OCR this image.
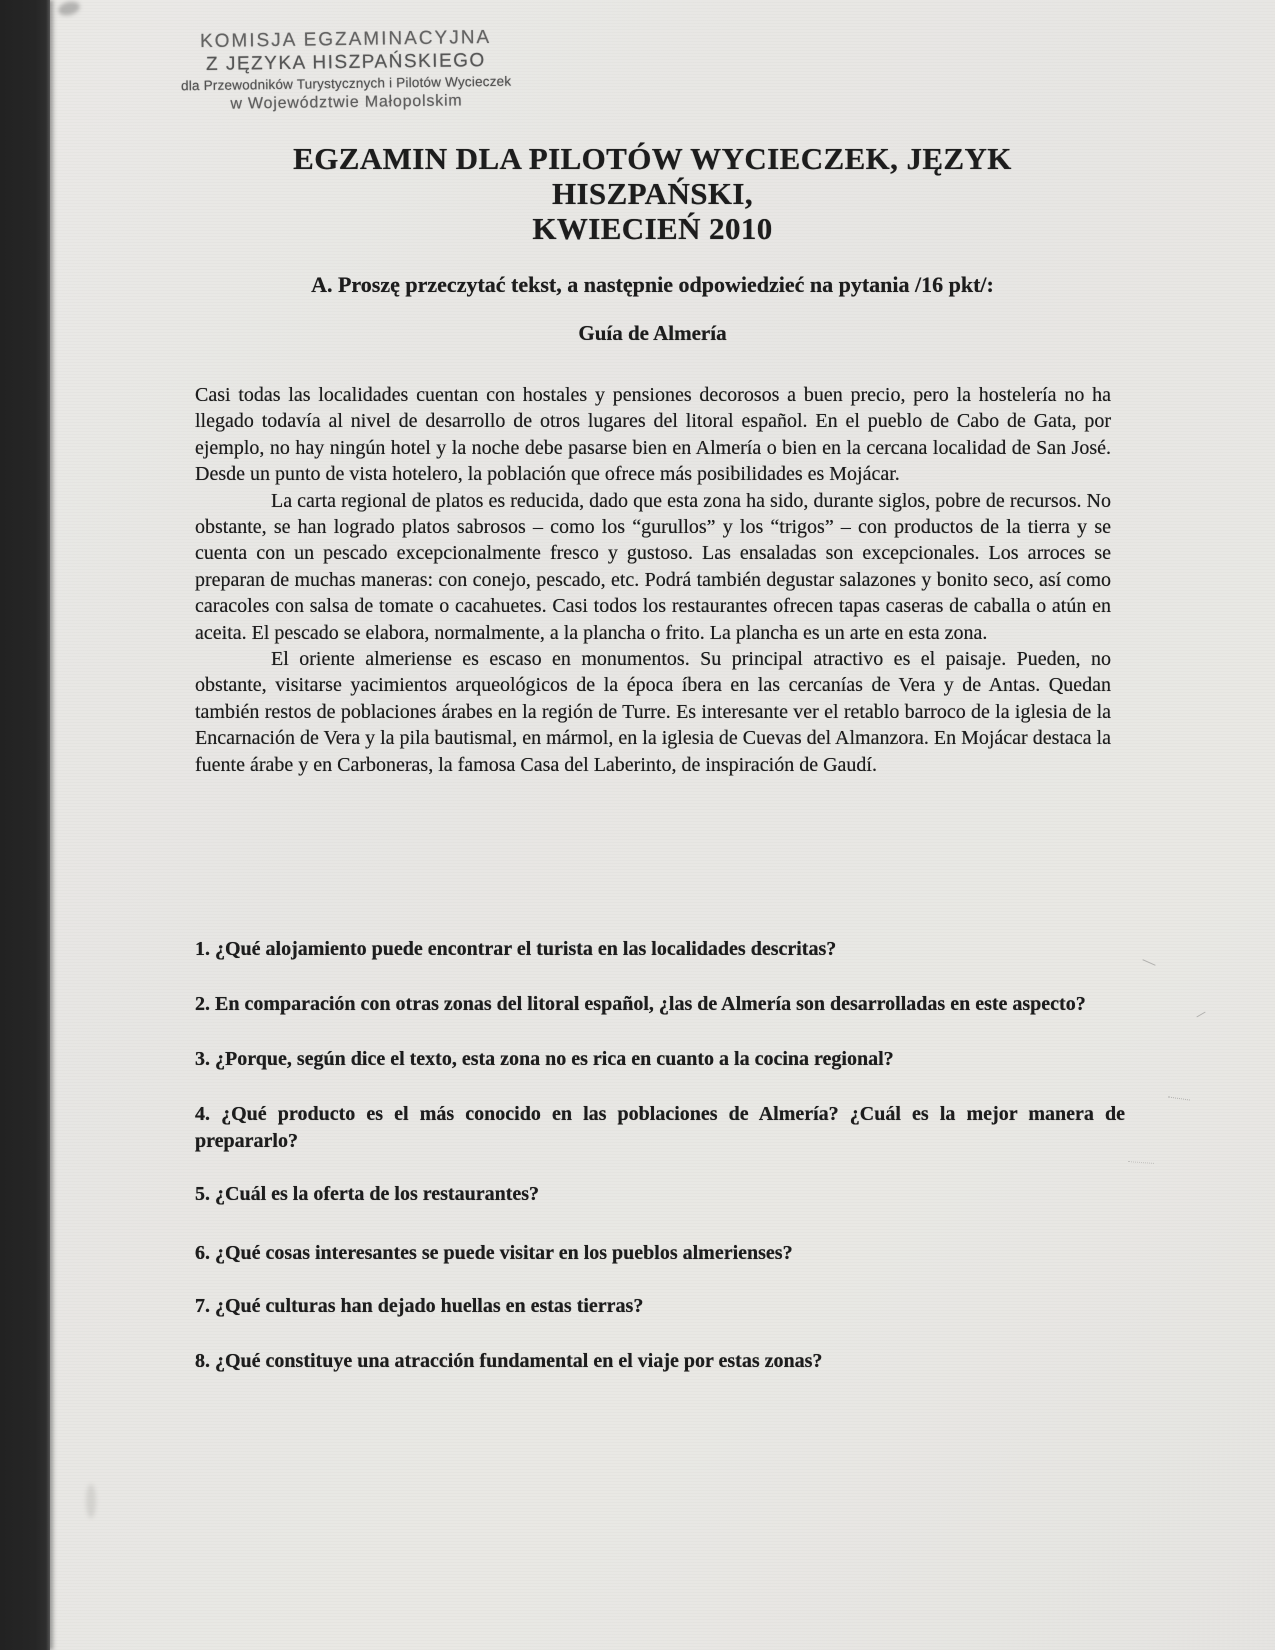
KOMISJA EGZAMINACYJNA
Z JĘZYKA HISZPAŃSKIEGO
dla Przewodników Turystycznych i Pilotów Wycieczek
w Województwie Małopolskim
EGZAMIN DLA PILOTÓW WYCIECZEK, JĘZYK HISZPAŃSKI,
KWIECIEŃ 2010
A. Proszę przeczytać tekst, a następnie odpowiedzieć na pytania /16 pkt/:
Guía de Almería

Casi todas las localidades cuentan con hostales y pensiones decorosos a buen precio, pero la hostelería no ha llegado todavía al nivel de desarrollo de otros lugares del litoral español. En el pueblo de Cabo de Gata, por ejemplo, no hay ningún hotel y la noche debe pasarse bien en Almería o bien en la cercana localidad de San José. Desde un punto de vista hotelero, la población que ofrece más posibilidades es Mojácar.

La carta regional de platos es reducida, dado que esta zona ha sido, durante siglos, pobre de recursos. No obstante, se han logrado platos sabrosos – como los “gurullos” y los “trigos” – con productos de la tierra y se cuenta con un pescado excepcionalmente fresco y gustoso. Las ensaladas son excepcionales. Los arroces se preparan de muchas maneras: con conejo, pescado, etc. Podrá también degustar salazones y bonito seco, así como caracoles con salsa de tomate o cacahuetes. Casi todos los restaurantes ofrecen tapas caseras de caballa o atún en aceita. El pescado se elabora, normalmente, a la plancha o frito. La plancha es un arte en esta zona.

El oriente almeriense es escaso en monumentos. Su principal atractivo es el paisaje. Pueden, no obstante, visitarse yacimientos arqueológicos de la época íbera en las cercanías de Vera y de Antas. Quedan también restos de poblaciones árabes en la región de Turre. Es interesante ver el retablo barroco de la iglesia de la Encarnación de Vera y la pila bautismal, en mármol, en la iglesia de Cuevas del Almanzora. En Mojácar destaca la fuente árabe y en Carboneras, la famosa Casa del Laberinto, de inspiración de Gaudí.

1. ¿Qué alojamiento puede encontrar el turista en las localidades descritas?
2. En comparación con otras zonas del litoral español, ¿las de Almería son desarrolladas en este aspecto?
3. ¿Porque, según dice el texto, esta zona no es rica en cuanto a la cocina regional?
4. ¿Qué producto es el más conocido en las poblaciones de Almería? ¿Cuál es la mejor manera de prepararlo?
5. ¿Cuál es la oferta de los restaurantes?
6. ¿Qué cosas interesantes se puede visitar en los pueblos almerienses?
7. ¿Qué culturas han dejado huellas en estas tierras?
8. ¿Qué constituye una atracción fundamental en el viaje por estas zonas?
